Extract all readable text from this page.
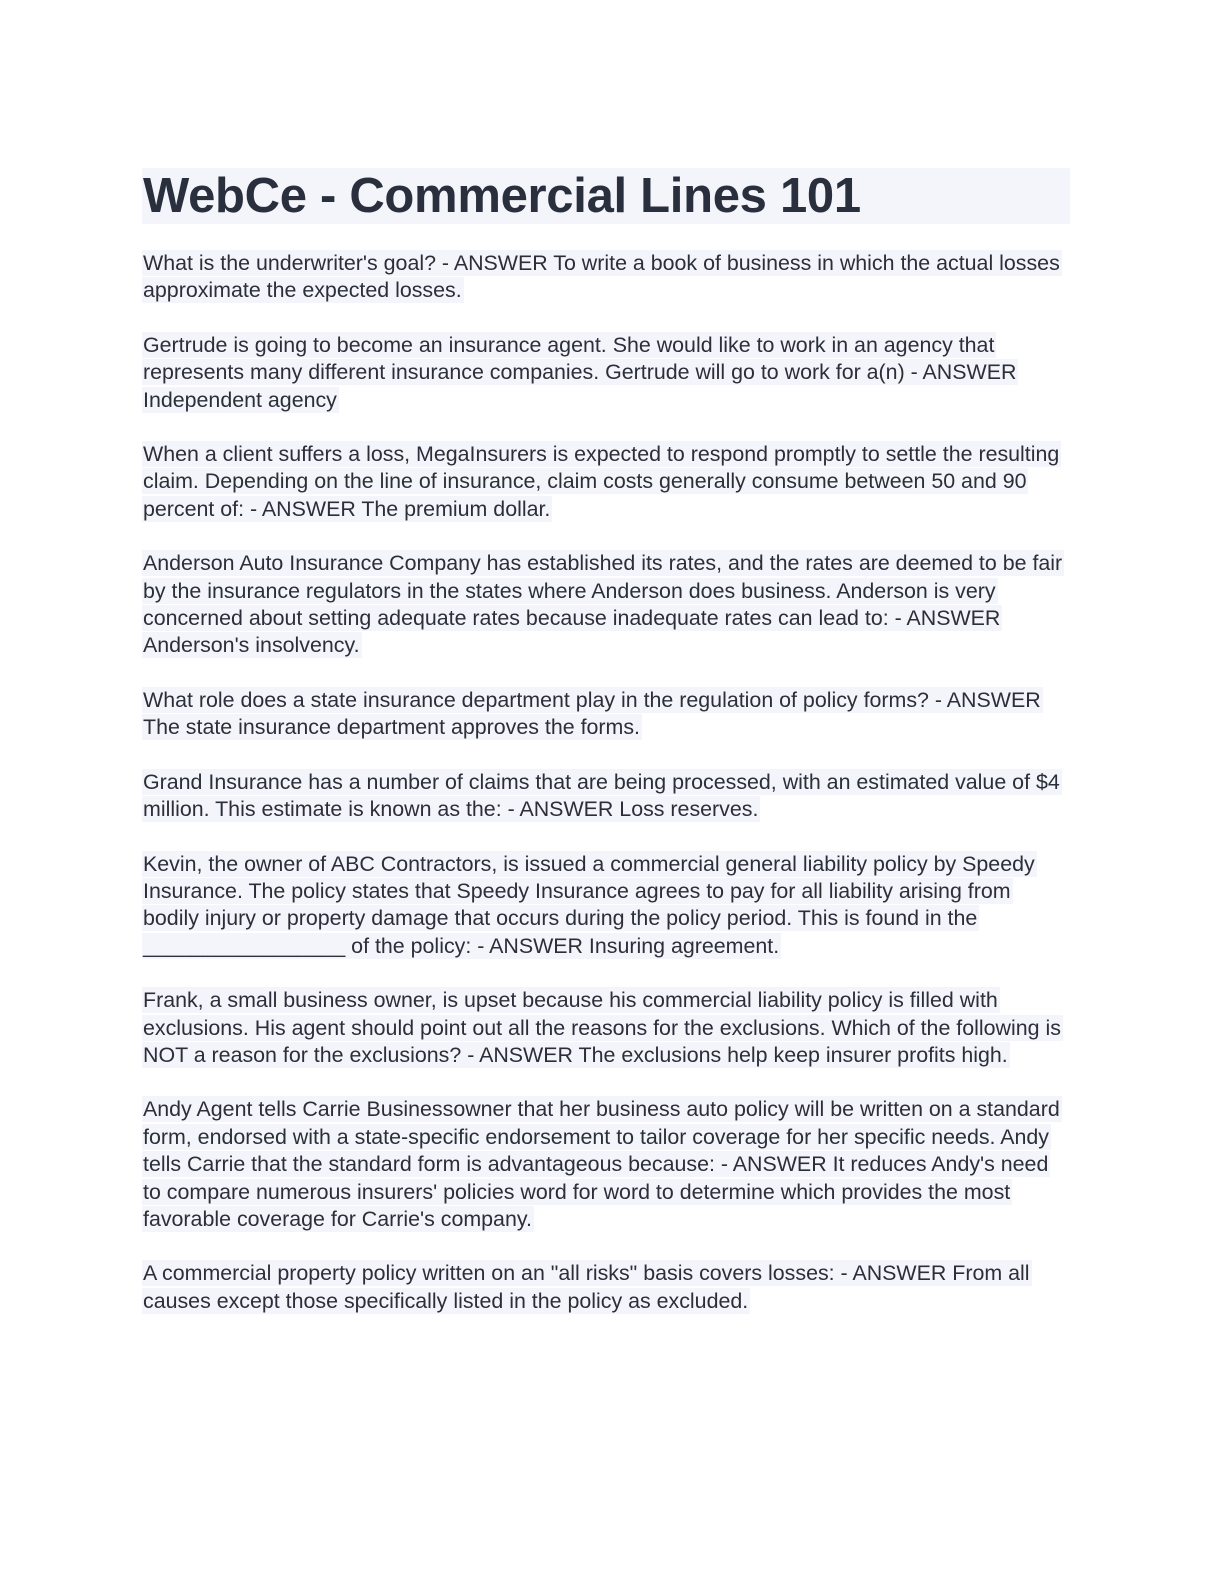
WebCe - Commercial Lines 101

What is the underwriter's goal? - ANSWER To write a book of business in which the actual losses approximate the expected losses.

Gertrude is going to become an insurance agent. She would like to work in an agency that represents many different insurance companies. Gertrude will go to work for a(n) - ANSWER Independent agency

When a client suffers a loss, MegaInsurers is expected to respond promptly to settle the resulting claim. Depending on the line of insurance, claim costs generally consume between 50 and 90 percent of: - ANSWER The premium dollar.

Anderson Auto Insurance Company has established its rates, and the rates are deemed to be fair by the insurance regulators in the states where Anderson does business. Anderson is very concerned about setting adequate rates because inadequate rates can lead to: - ANSWER Anderson's insolvency.

What role does a state insurance department play in the regulation of policy forms? - ANSWER The state insurance department approves the forms.

Grand Insurance has a number of claims that are being processed, with an estimated value of $4 million. This estimate is known as the: - ANSWER Loss reserves.

Kevin, the owner of ABC Contractors, is issued a commercial general liability policy by Speedy Insurance. The policy states that Speedy Insurance agrees to pay for all liability arising from bodily injury or property damage that occurs during the policy period. This is found in the _________________ of the policy: - ANSWER Insuring agreement.

Frank, a small business owner, is upset because his commercial liability policy is filled with exclusions. His agent should point out all the reasons for the exclusions. Which of the following is NOT a reason for the exclusions? - ANSWER The exclusions help keep insurer profits high.

Andy Agent tells Carrie Businessowner that her business auto policy will be written on a standard form, endorsed with a state-specific endorsement to tailor coverage for her specific needs. Andy tells Carrie that the standard form is advantageous because: - ANSWER It reduces Andy's need to compare numerous insurers' policies word for word to determine which provides the most favorable coverage for Carrie's company.

A commercial property policy written on an "all risks" basis covers losses: - ANSWER From all causes except those specifically listed in the policy as excluded.
